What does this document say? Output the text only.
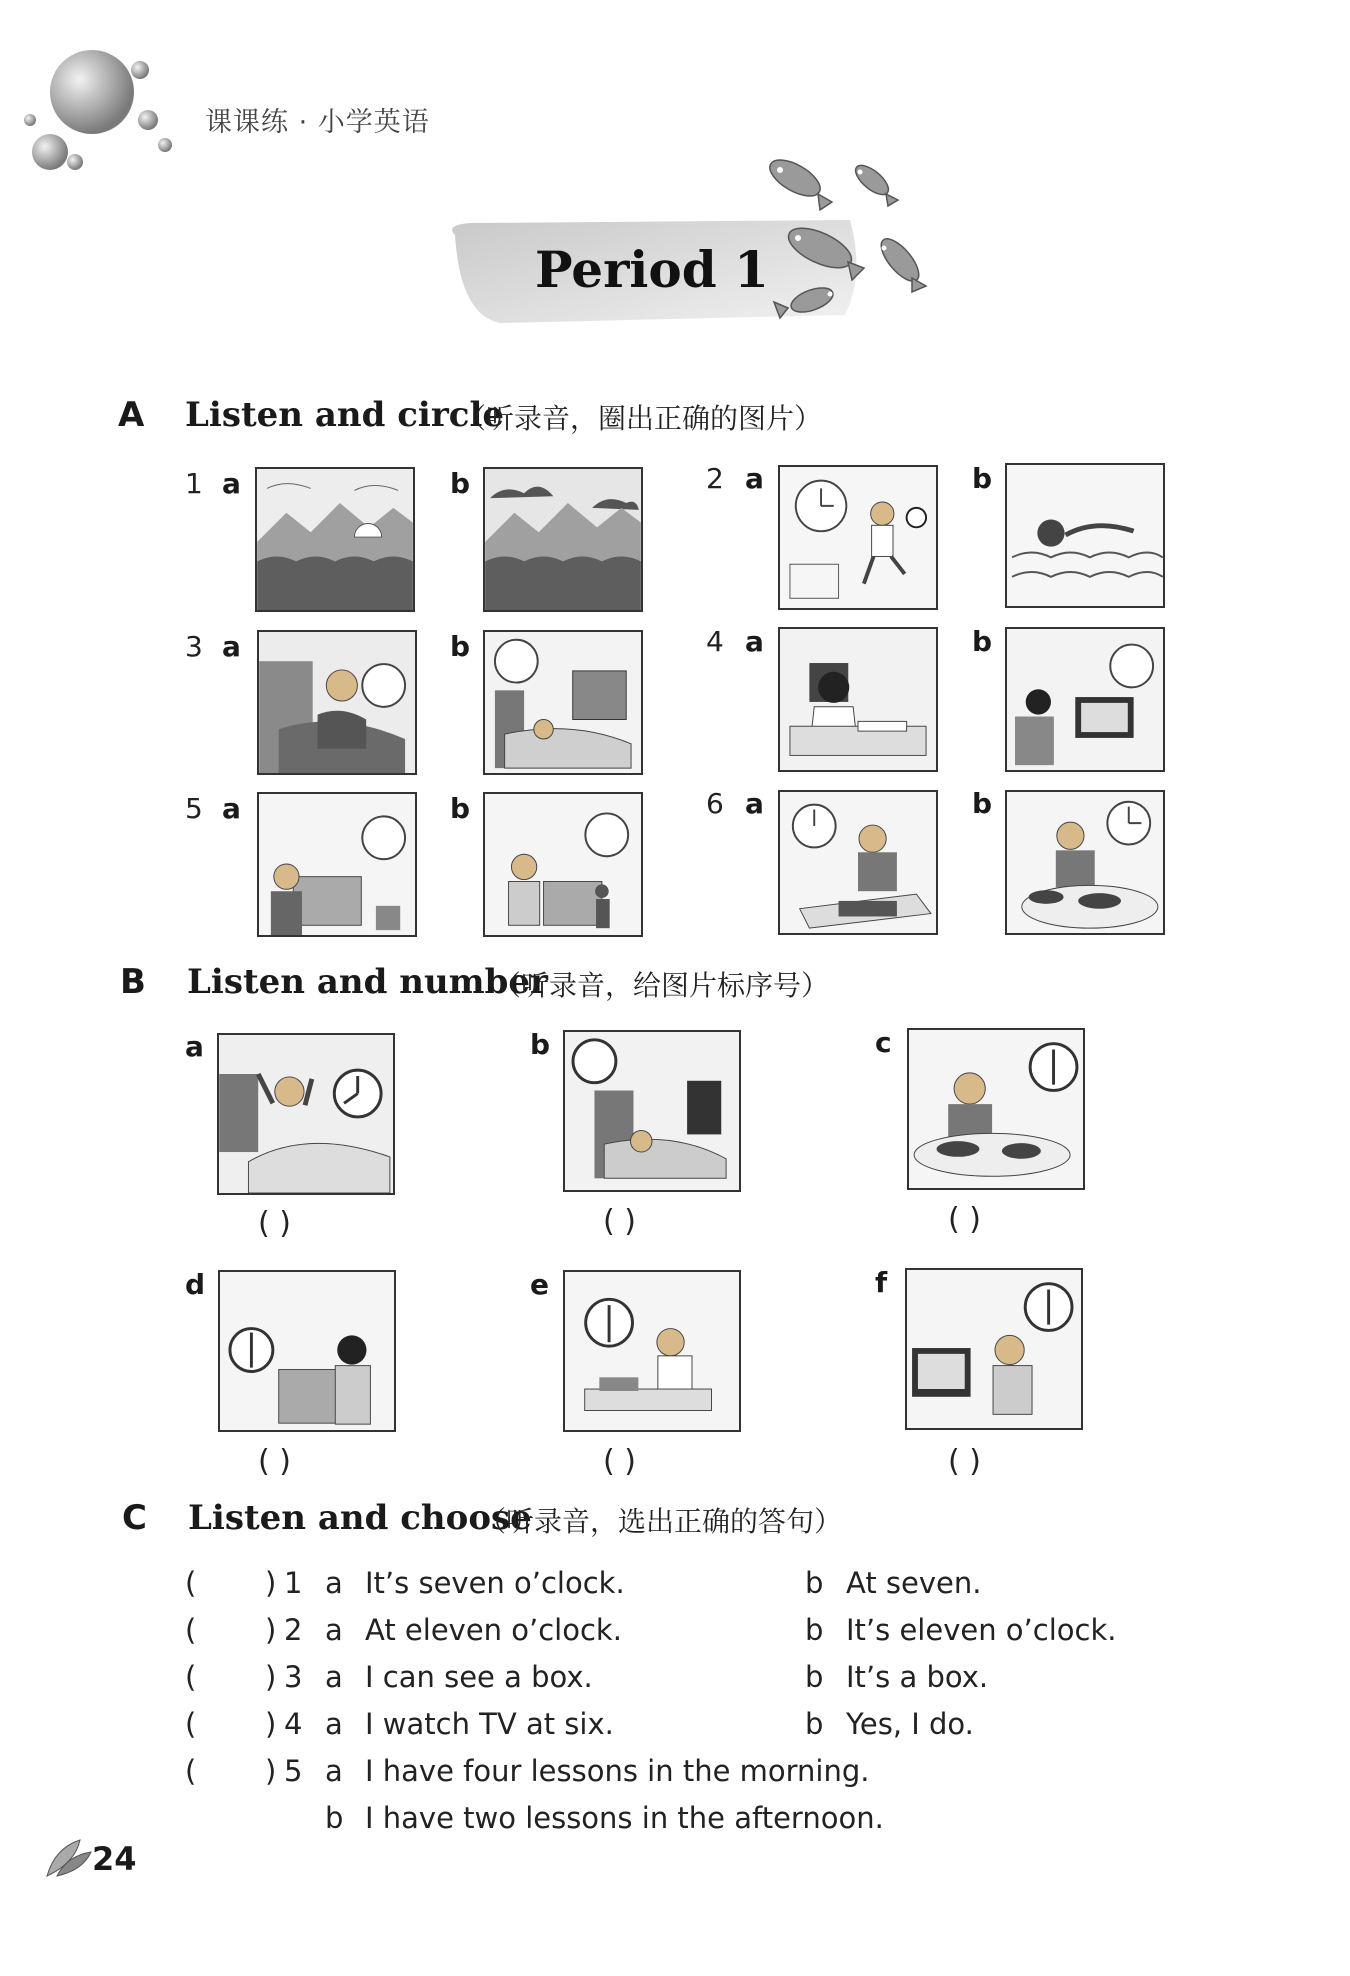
课课练 · 小学英语
Period 1
A Listen and circle
（听录音，圈出正确的图片）
1 a	b	2 a	b
3 a	b	4 a	b
5 a	b	6 a	b
B Listen and number
（听录音，给图片标序号）
a
( )
b
( )
c
( )
d
( )
e
( )
f
( )
C Listen and choose
（听录音，选出正确的答句）
( ) 1 a It’s seven o’clock.	b At seven.
( ) 2 a At eleven o’clock.	b It’s eleven o’clock.
( ) 3 a I can see a box.	b It’s a box.
( ) 4 a I watch TV at six.	b Yes, I do.
( ) 5 a I have four lessons in the morning.
b I have two lessons in the afternoon.
24
